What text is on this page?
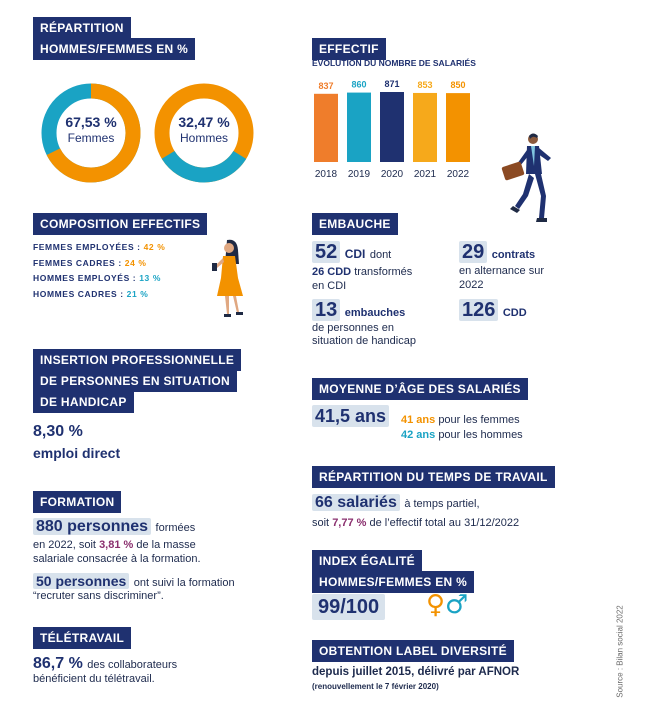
RÉPARTITION
HOMMES/FEMMES EN %
67,53 %
Femmes
32,47 %
Hommes
EFFECTIF
ÉVOLUTION DU NOMBRE DE SALARIÉS
837
2018
860
2019
871
2020
853
2021
850
2022
COMPOSITION EFFECTIFS
FEMMES EMPLOYÉES : 42 %
FEMMES CADRES : 24 %
HOMMES EMPLOYÉS : 13 %
HOMMES CADRES : 21 %
EMBAUCHE
52 CDI dont
26 CDD transformés
en CDI
13 embauches
de personnes en
situation de handicap
29 contrats
en alternance sur
2022
126 CDD
INSERTION PROFESSIONNELLE
DE PERSONNES EN SITUATION
DE HANDICAP
8,30 %
emploi direct
MOYENNE D’ÂGE DES SALARIÉS
41,5 ans 41 ans pour les femmes
42 ans pour les hommes
RÉPARTITION DU TEMPS DE TRAVAIL
66 salariés à temps partiel,
soit 7,77 % de l’effectif total au 31/12/2022
FORMATION
880 personnes formées
en 2022, soit 3,81 % de la masse
salariale consacrée à la formation.
50 personnes ont suivi la formation
“recruter sans discriminer”.
INDEX ÉGALITÉ
HOMMES/FEMMES EN %
99/100 ♀♂
TÉLÉTRAVAIL
86,7 % des collaborateurs
bénéficient du télétravail.
OBTENTION LABEL DIVERSITÉ
depuis juillet 2015, délivré par AFNOR
(renouvellement le 7 février 2020)	Source : Bilan social 2022
